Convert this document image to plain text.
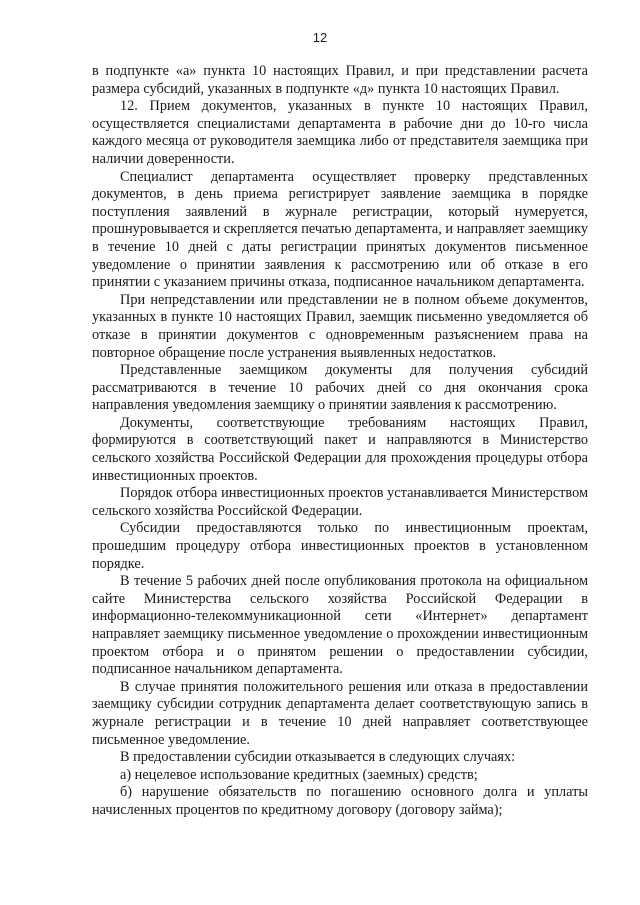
12

в подпункте «а» пункта 10 настоящих Правил, и при представлении расчета размера субсидий, указанных в подпункте «д» пункта 10 настоящих Правил.

12. Прием документов, указанных в пункте 10 настоящих Правил, осуществляется специалистами департамента в рабочие дни до 10-го числа каждого месяца от руководителя заемщика либо от представителя заемщика при наличии доверенности.

Специалист департамента осуществляет проверку представленных документов, в день приема регистрирует заявление заемщика в порядке поступления заявлений в журнале регистрации, который нумеруется, прошнуровывается и скрепляется печатью департамента, и направляет заемщику в течение 10 дней с даты регистрации принятых документов письменное уведомление о принятии заявления к рассмотрению или об отказе в его принятии с указанием причины отказа, подписанное начальником департамента.

При непредставлении или представлении не в полном объеме документов, указанных в пункте 10 настоящих Правил, заемщик письменно уведомляется об отказе в принятии документов с одновременным разъяснением права на повторное обращение после устранения выявленных недостатков.

Представленные заемщиком документы для получения субсидий рассматриваются в течение 10 рабочих дней со дня окончания срока направления уведомления заемщику о принятии заявления к рассмотрению.

Документы, соответствующие требованиям настоящих Правил, формируются в соответствующий пакет и направляются в Министерство сельского хозяйства Российской Федерации для прохождения процедуры отбора инвестиционных проектов.

Порядок отбора инвестиционных проектов устанавливается Министерством сельского хозяйства Российской Федерации.

Субсидии предоставляются только по инвестиционным проектам, прошедшим процедуру отбора инвестиционных проектов в установленном порядке.

В течение 5 рабочих дней после опубликования протокола на официальном сайте Министерства сельского хозяйства Российской Федерации в информационно-телекоммуникационной сети «Интернет» департамент направляет заемщику письменное уведомление о прохождении инвестиционным проектом отбора и о принятом решении о предоставлении субсидии, подписанное начальником департамента.

В случае принятия положительного решения или отказа в предоставлении заемщику субсидии сотрудник департамента делает соответствующую запись в журнале регистрации и в течение 10 дней направляет соответствующее письменное уведомление.

В предоставлении субсидии отказывается в следующих случаях:

а) нецелевое использование кредитных (заемных) средств;

б) нарушение обязательств по погашению основного долга и уплаты начисленных процентов по кредитному договору (договору займа);
